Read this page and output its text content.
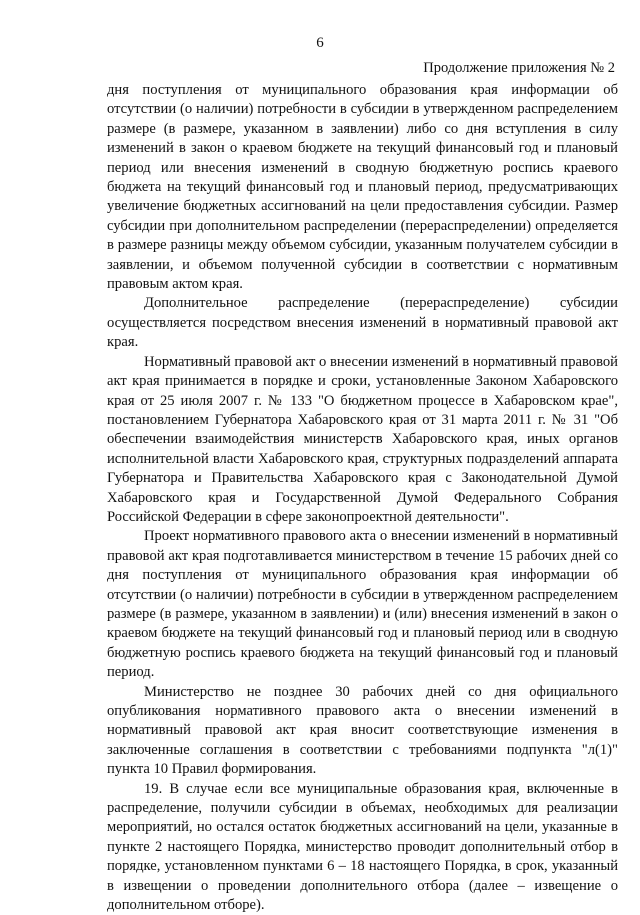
6
Продолжение приложения № 2

дня поступления от муниципального образования края информации об отсутствии (о наличии) потребности в субсидии в утвержденном распределением размере (в размере, указанном в заявлении) либо со дня вступления в силу изменений в закон о краевом бюджете на текущий финансовый год и плановый период или внесения изменений в сводную бюджетную роспись краевого бюджета на текущий финансовый год и плановый период, предусматривающих увеличение бюджетных ассигнований на цели предоставления субсидии. Размер субсидии при дополнительном распределении (перераспределении) определяется в размере разницы между объемом субсидии, указанным получателем субсидии в заявлении, и объемом полученной субсидии в соответствии с нормативным правовым актом края.

Дополнительное распределение (перераспределение) субсидии осуществляется посредством внесения изменений в нормативный правовой акт края.

Нормативный правовой акт о внесении изменений в нормативный правовой акт края принимается в порядке и сроки, установленные Законом Хабаровского края от 25 июля 2007 г. № 133 "О бюджетном процессе в Хабаровском крае", постановлением Губернатора Хабаровского края от 31 марта 2011 г. № 31 "Об обеспечении взаимодействия министерств Хабаровского края, иных органов исполнительной власти Хабаровского края, структурных подразделений аппарата Губернатора и Правительства Хабаровского края с Законодательной Думой Хабаровского края и Государственной Думой Федерального Собрания Российской Федерации в сфере законопроектной деятельности".

Проект нормативного правового акта о внесении изменений в нормативный правовой акт края подготавливается министерством в течение 15 рабочих дней со дня поступления от муниципального образования края информации об отсутствии (о наличии) потребности в субсидии в утвержденном распределением размере (в размере, указанном в заявлении) и (или) внесения изменений в закон о краевом бюджете на текущий финансовый год и плановый период или в сводную бюджетную роспись краевого бюджета на текущий финансовый год и плановый период.

Министерство не позднее 30 рабочих дней со дня официального опубликования нормативного правового акта о внесении изменений в нормативный правовой акт края вносит соответствующие изменения в заключенные соглашения в соответствии с требованиями подпункта "л(1)" пункта 10 Правил формирования.

19. В случае если все муниципальные образования края, включенные в распределение, получили субсидии в объемах, необходимых для реализации мероприятий, но остался остаток бюджетных ассигнований на цели, указанные в пункте 2 настоящего Порядка, министерство проводит дополнительный отбор в порядке, установленном пунктами 6 – 18 настоящего Порядка, в срок, указанный в извещении о проведении дополнительного отбора (далее – извещение о дополнительном отборе).
